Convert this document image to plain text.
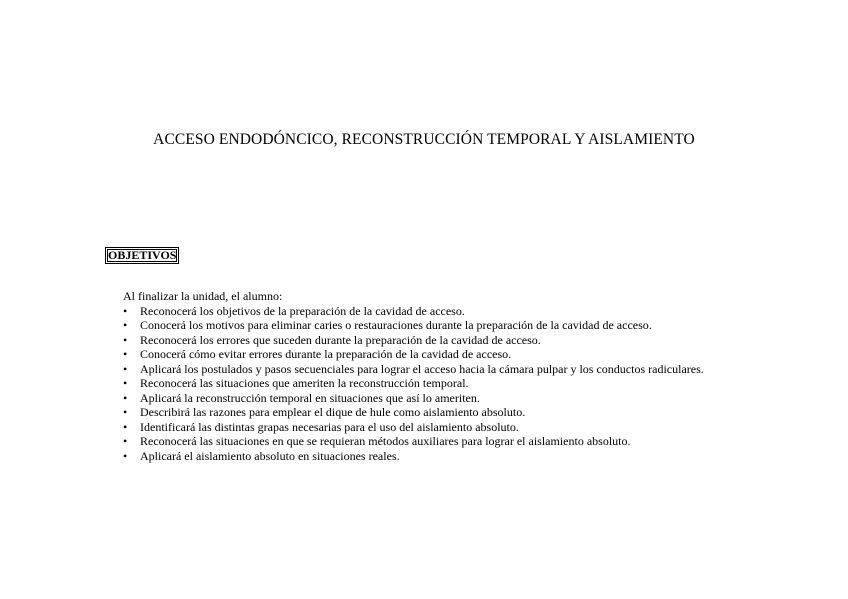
ACCESO ENDODÓNCICO, RECONSTRUCCIÓN TEMPORAL Y AISLAMIENTO
OBJETIVOS

Al finalizar la unidad, el alumno:

• Reconocerá los objetivos de la preparación de la cavidad de acceso.
• Conocerá los motivos para eliminar caries o restauraciones durante la preparación de la cavidad de acceso.
• Reconocerá los errores que suceden durante la preparación de la cavidad de acceso.
• Conocerá cómo evitar errores durante la preparación de la cavidad de acceso.
• Aplicará los postulados y pasos secuenciales para lograr el acceso hacia la cámara pulpar y los conductos radiculares.
• Reconocerá las situaciones que ameriten la reconstrucción temporal.
• Aplicará la reconstrucción temporal en situaciones que así lo ameriten.
• Describirá las razones para emplear el dique de hule como aislamiento absoluto.
• Identificará las distintas grapas necesarias para el uso del aislamiento absoluto.
• Reconocerá las situaciones en que se requieran métodos auxiliares para lograr el aislamiento absoluto.
• Aplicará el aislamiento absoluto en situaciones reales.
